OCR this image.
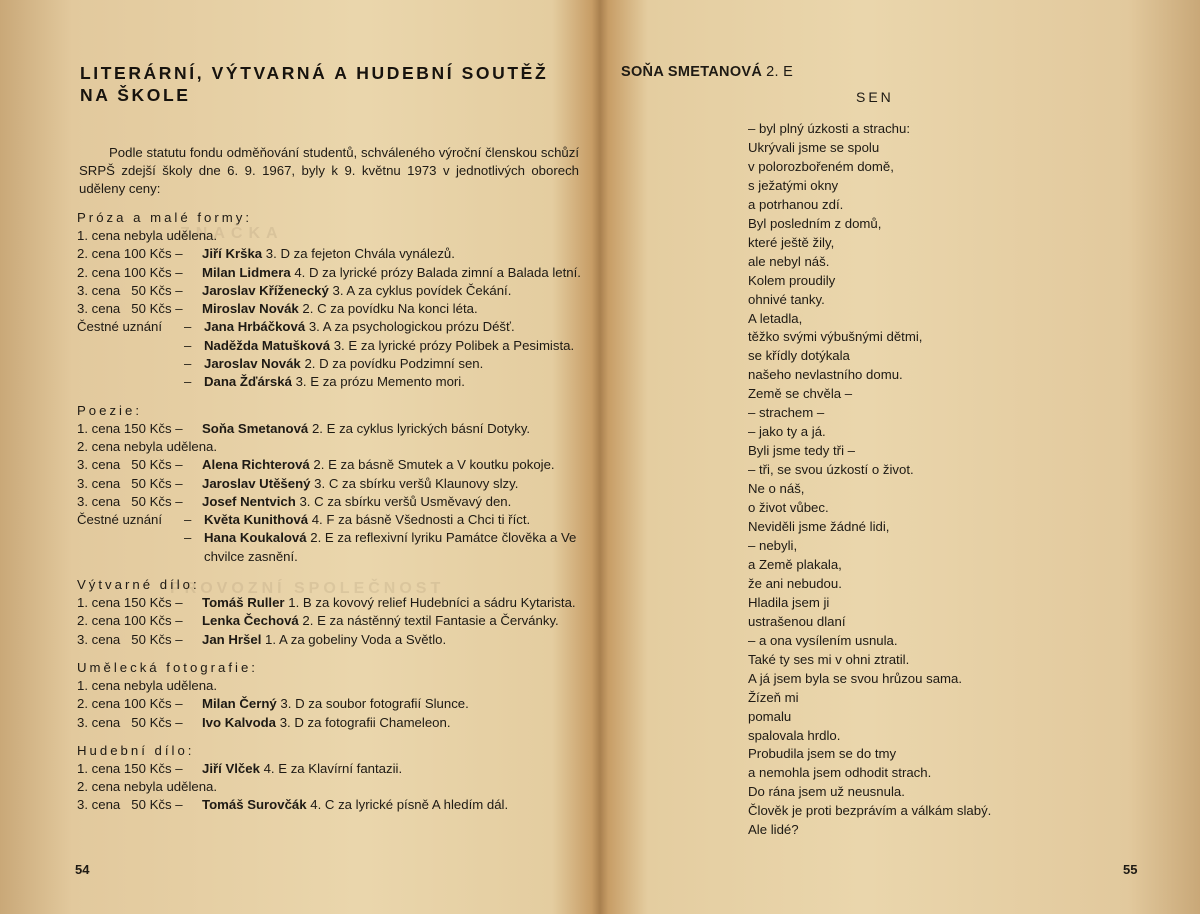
ZNAČKA
PROVOZNÍ SPOLEČNOST
LITERÁRNÍ, VÝTVARNÁ A HUDEBNÍ SOUTĚŽ
NA ŠKOLE
Podle statutu fondu odměňování studentů, schváleného výroční členskou schůzí SRPŠ zdejší školy dne 6. 9. 1967, byly k 9. květnu 1973 v jednotlivých oborech uděleny ceny:
Próza a malé formy:
1. cena nebyla udělena.
2. cena 100 Kčs –	Jiří Krška 3. D za fejeton Chvála vynálezů.
2. cena 100 Kčs –	Milan Lidmera 4. D za lyrické prózy Balada zimní a Balada letní.
3. cena   50 Kčs –	Jaroslav Kříženecký 3. A za cyklus povídek Čekání.
3. cena   50 Kčs –	Miroslav Novák 2. C za povídku Na konci léta.
Čestné uznání	– Jana Hrbáčková 3. A za psychologickou prózu Déšť.
– Naděžda Matušková 3. E za lyrické prózy Polibek a Pesimista.
– Jaroslav Novák 2. D za povídku Podzimní sen.
– Dana Žďárská 3. E za prózu Memento mori.
Poezie:
1. cena 150 Kčs –	Soňa Smetanová 2. E za cyklus lyrických básní Dotyky.
2. cena nebyla udělena.
3. cena   50 Kčs –	Alena Richterová 2. E za básně Smutek a V koutku pokoje.
3. cena   50 Kčs –	Jaroslav Utěšený 3. C za sbírku veršů Klaunovy slzy.
3. cena   50 Kčs –	Josef Nentvich 3. C za sbírku veršů Usměvavý den.
Čestné uznání	– Květa Kunithová 4. F za básně Všednosti a Chci ti říct.
– Hana Koukalová 2. E za reflexivní lyriku Památce člověka a Ve chvilce zasnění.
Výtvarné dílo:
1. cena 150 Kčs –	Tomáš Ruller 1. B za kovový relief Hudebníci a sádru Kytarista.
2. cena 100 Kčs –	Lenka Čechová 2. E za nástěnný textil Fantasie a Červánky.
3. cena   50 Kčs –	Jan Hršel 1. A za gobeliny Voda a Světlo.
Umělecká fotografie:
1. cena nebyla udělena.
2. cena 100 Kčs –	Milan Černý 3. D za soubor fotografií Slunce.
3. cena   50 Kčs –	Ivo Kalvoda 3. D za fotografii Chameleon.
Hudební dílo:
1. cena 150 Kčs –	Jiří Vlček 4. E za Klavírní fantazii.
2. cena nebyla udělena.
3. cena   50 Kčs –	Tomáš Surovčák 4. C za lyrické písně A hledím dál.
54
SOŇA SMETANOVÁ 2. E
SEN
– byl plný úzkosti a strachu:
Ukrývali jsme se spolu
v polorozbořeném domě,
s ježatými okny
a potrhanou zdí.
Byl posledním z domů,
které ještě žily,
ale nebyl náš.
Kolem proudily
ohnivé tanky.
A letadla,
těžko svými výbušnými dětmi,
se křídly dotýkala
našeho nevlastního domu.
Země se chvěla –
– strachem –
– jako ty a já.
Byli jsme tedy tři –
– tři, se svou úzkostí o život.
Ne o náš,
o život vůbec.
Neviděli jsme žádné lidi,
– nebyli,
a Země plakala,
že ani nebudou.
Hladila jsem ji
ustrašenou dlaní
– a ona vysílením usnula.
Také ty ses mi v ohni ztratil.
A já jsem byla se svou hrůzou sama.
Žízeň mi
pomalu
spalovala hrdlo.
Probudila jsem se do tmy
a nemohla jsem odhodit strach.
Do rána jsem už neusnula.
Člověk je proti bezprávím a válkám slabý.
Ale lidé?
55
